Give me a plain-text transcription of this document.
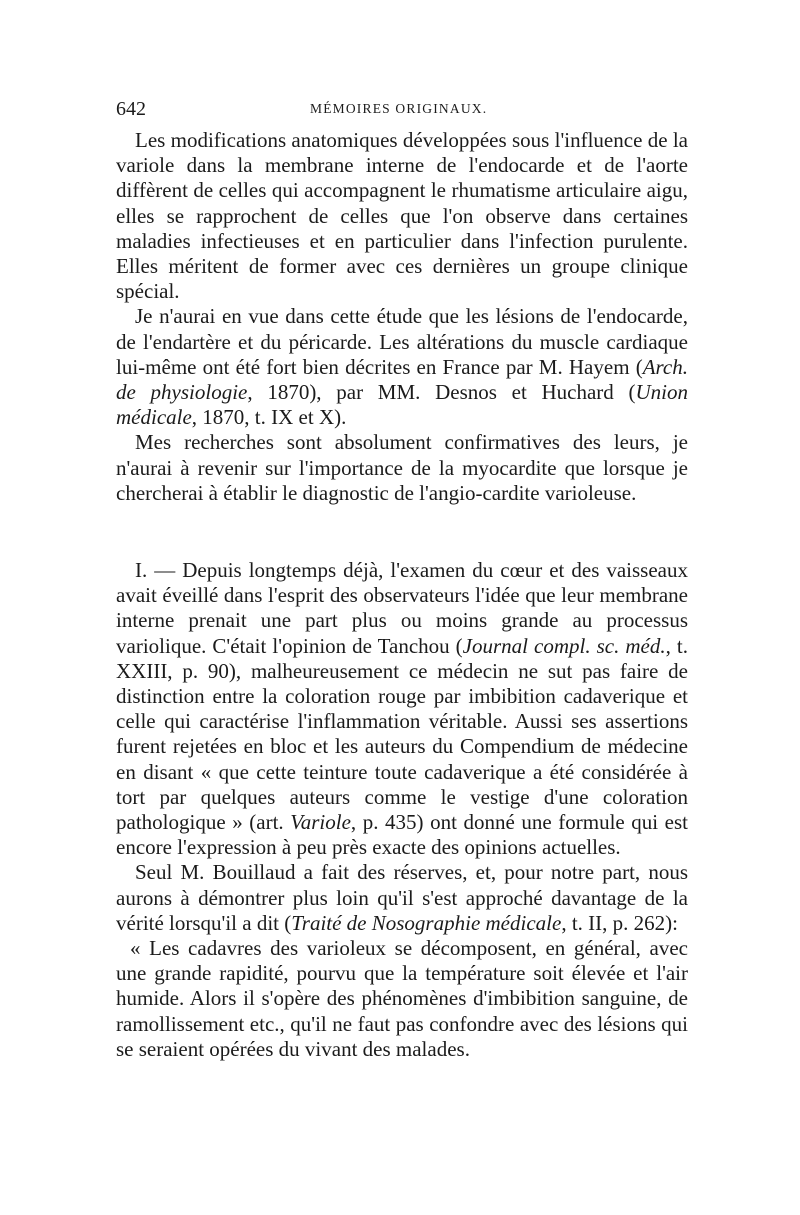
642	MÉMOIRES ORIGINAUX.

Les modifications anatomiques développées sous l'influence de la variole dans la membrane interne de l'endocarde et de l'aorte diffèrent de celles qui accompagnent le rhumatisme articulaire aigu, elles se rapprochent de celles que l'on observe dans certaines maladies infectieuses et en particulier dans l'infection purulente. Elles méritent de former avec ces dernières un groupe clinique spécial.

Je n'aurai en vue dans cette étude que les lésions de l'endocarde, de l'endartère et du péricarde. Les altérations du muscle cardiaque lui-même ont été fort bien décrites en France par M. Hayem (Arch. de physiologie, 1870), par MM. Desnos et Huchard (Union médicale, 1870, t. IX et X).

Mes recherches sont absolument confirmatives des leurs, je n'aurai à revenir sur l'importance de la myocardite que lorsque je chercherai à établir le diagnostic de l'angio-cardite varioleuse.

I. — Depuis longtemps déjà, l'examen du cœur et des vaisseaux avait éveillé dans l'esprit des observateurs l'idée que leur membrane interne prenait une part plus ou moins grande au processus variolique. C'était l'opinion de Tanchou (Journal compl. sc. méd., t. XXIII, p. 90), malheureusement ce médecin ne sut pas faire de distinction entre la coloration rouge par imbibition cadaverique et celle qui caractérise l'inflammation véritable. Aussi ses assertions furent rejetées en bloc et les auteurs du Compendium de médecine en disant « que cette teinture toute cadaverique a été considérée à tort par quelques auteurs comme le vestige d'une coloration pathologique » (art. Variole, p. 435) ont donné une formule qui est encore l'expression à peu près exacte des opinions actuelles.

Seul M. Bouillaud a fait des réserves, et, pour notre part, nous aurons à démontrer plus loin qu'il s'est approché davantage de la vérité lorsqu'il a dit (Traité de Nosographie médicale, t. II, p. 262):

« Les cadavres des varioleux se décomposent, en général, avec une grande rapidité, pourvu que la température soit élevée et l'air humide. Alors il s'opère des phénomènes d'imbibition sanguine, de ramollissement etc., qu'il ne faut pas confondre avec des lésions qui se seraient opérées du vivant des malades.
